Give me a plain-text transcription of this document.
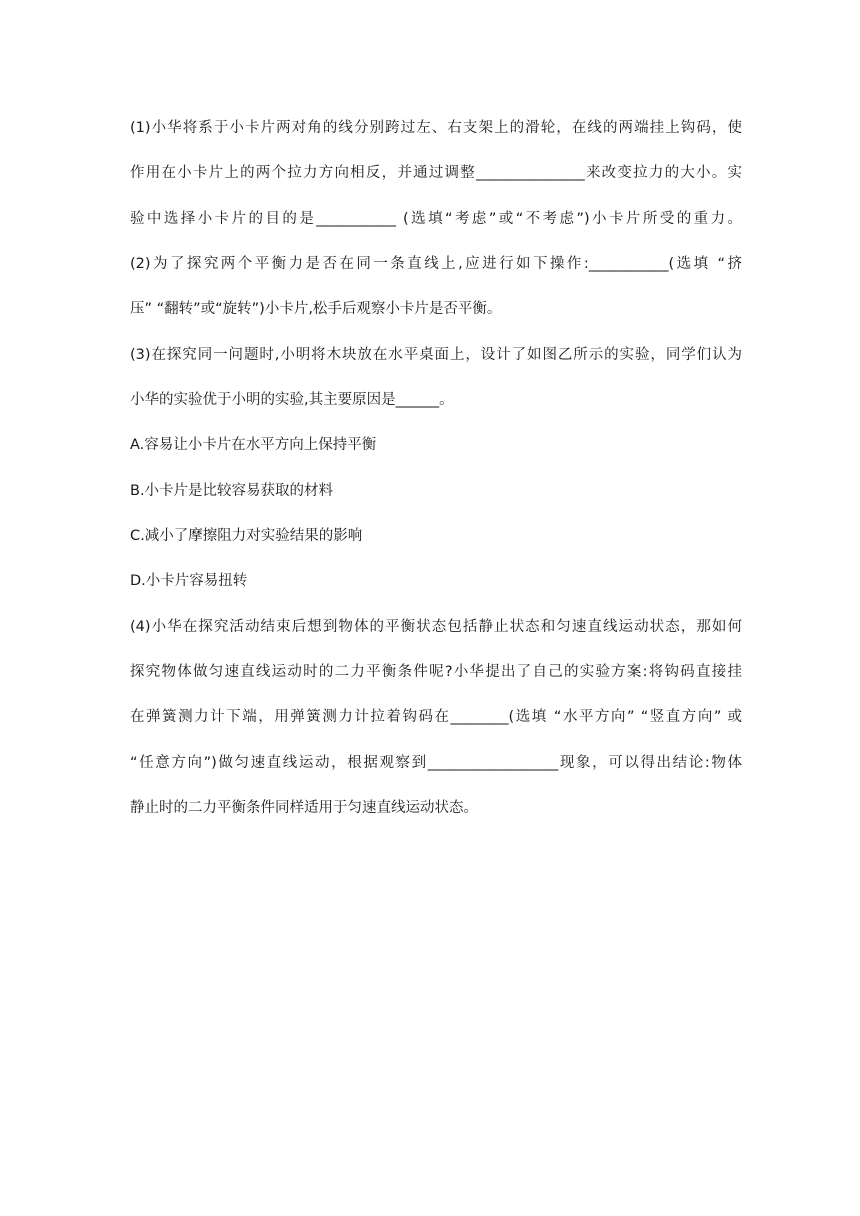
(1)小华将系于小卡片两对角的线分别跨过左、右支架上的滑轮，在线的两端挂上钩码，使
作用在小卡片上的两个拉力方向相反，并通过调整_______________来改变拉力的大小。实
验中选择小卡片的目的是___________ (选填“考虑”或“不考虑”)小卡片所受的重力。
(2)为了探究两个平衡力是否在同一条直线上,应进行如下操作:___________(选填 “挤
压” “翻转”或“旋转”)小卡片,松手后观察小卡片是否平衡。
(3)在探究同一问题时,小明将木块放在水平桌面上，设计了如图乙所示的实验，同学们认为
小华的实验优于小明的实验,其主要原因是______。
A.容易让小卡片在水平方向上保持平衡
B.小卡片是比较容易获取的材料
C.减小了摩擦阻力对实验结果的影响
D.小卡片容易扭转
(4)小华在探究活动结束后想到物体的平衡状态包括静止状态和匀速直线运动状态，那如何
探究物体做匀速直线运动时的二力平衡条件呢?小华提出了自己的实验方案:将钩码直接挂
在弹簧测力计下端，用弹簧测力计拉着钩码在________(选填 “水平方向” “竖直方向” 或
“任意方向”)做匀速直线运动，根据观察到__________________现象，可以得出结论:物体
静止时的二力平衡条件同样适用于匀速直线运动状态。
